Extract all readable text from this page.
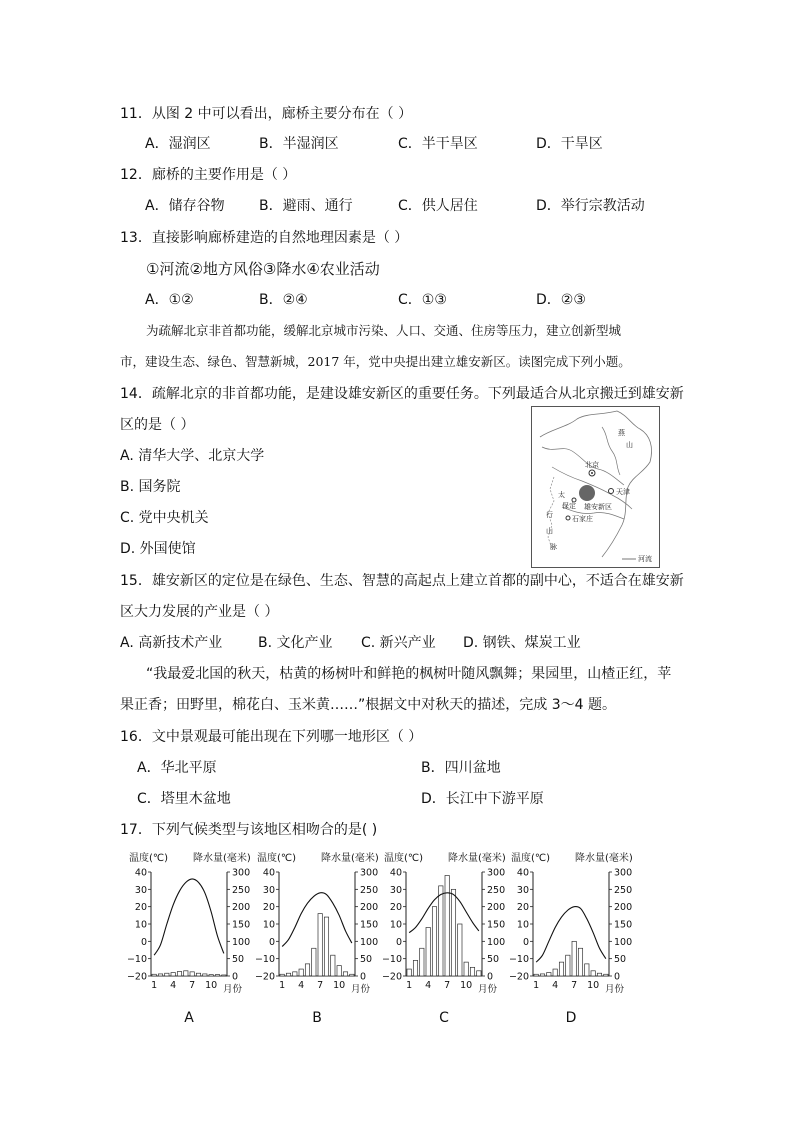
11．从图 2 中可以看出，廊桥主要分布在（ ）
A．湿润区	B．半湿润区	C．半干旱区	D．干旱区
12．廊桥的主要作用是（ ）
A．储存谷物 B．避雨、通行	C．供人居住	D．举行宗教活动
13．直接影响廊桥建造的自然地理因素是（ ）
①河流②地方风俗③降水④农业活动
A．①②	B．②④	C．①③	D．②③
为疏解北京非首都功能，缓解北京城市污染、人口、交通、住房等压力，建立创新型城
市，建设生态、绿色、智慧新城，2017 年，党中央提出建立雄安新区。读图完成下列小题。
14．疏解北京的非首都功能，是建设雄安新区的重要任务。下列最适合从北京搬迁到雄安新
区的是（ ）
A. 清华大学、北京大学
B. 国务院
C. 党中央机关
D. 外国使馆
燕
山
北京
天津
保定 雄安新区
石家庄
太
行
山
脉
河流
15．雄安新区的定位是在绿色、生态、智慧的高起点上建立首都的副中心，不适合在雄安新
A. 高新技术产业	B. 文化产业 C. 新兴产业 D. 钢铁、煤炭工业
“我最爱北国的秋天，枯黄的杨树叶和鲜艳的枫树叶随风飘舞；果园里，山楂正红，苹
果正香；田野里，棉花白、玉米黄……”根据文中对秋天的描述，完成 3～4 题。
16．文中景观最可能出现在下列哪一地形区（ ）
A．华北平原	B．四川盆地
C．塔里木盆地	D．长江中下游平原
17．下列气候类型与该地区相吻合的是( )
温度(℃) 降水量(毫米)
40
30
20
10
0
−10
−20
300
250
200
150
100
50
0
1 4 7 10 月份
A
温度(℃) 降水量(毫米)
40
30
20
10
0
−10
−20
300
250
200
150
100
50
0
1 4 7 10 月份
B
温度(℃) 降水量(毫米)
40
30
20
10
0
−10
−20
300
250
200
150
100
50
0
1 4 7 10 月份
C
温度(℃) 降水量(毫米)
40
30
20
10
0
−10
−20
300
250
200
150
100
50
0
1 4 7 10 月份
D
区大力发展的产业是（ ）
